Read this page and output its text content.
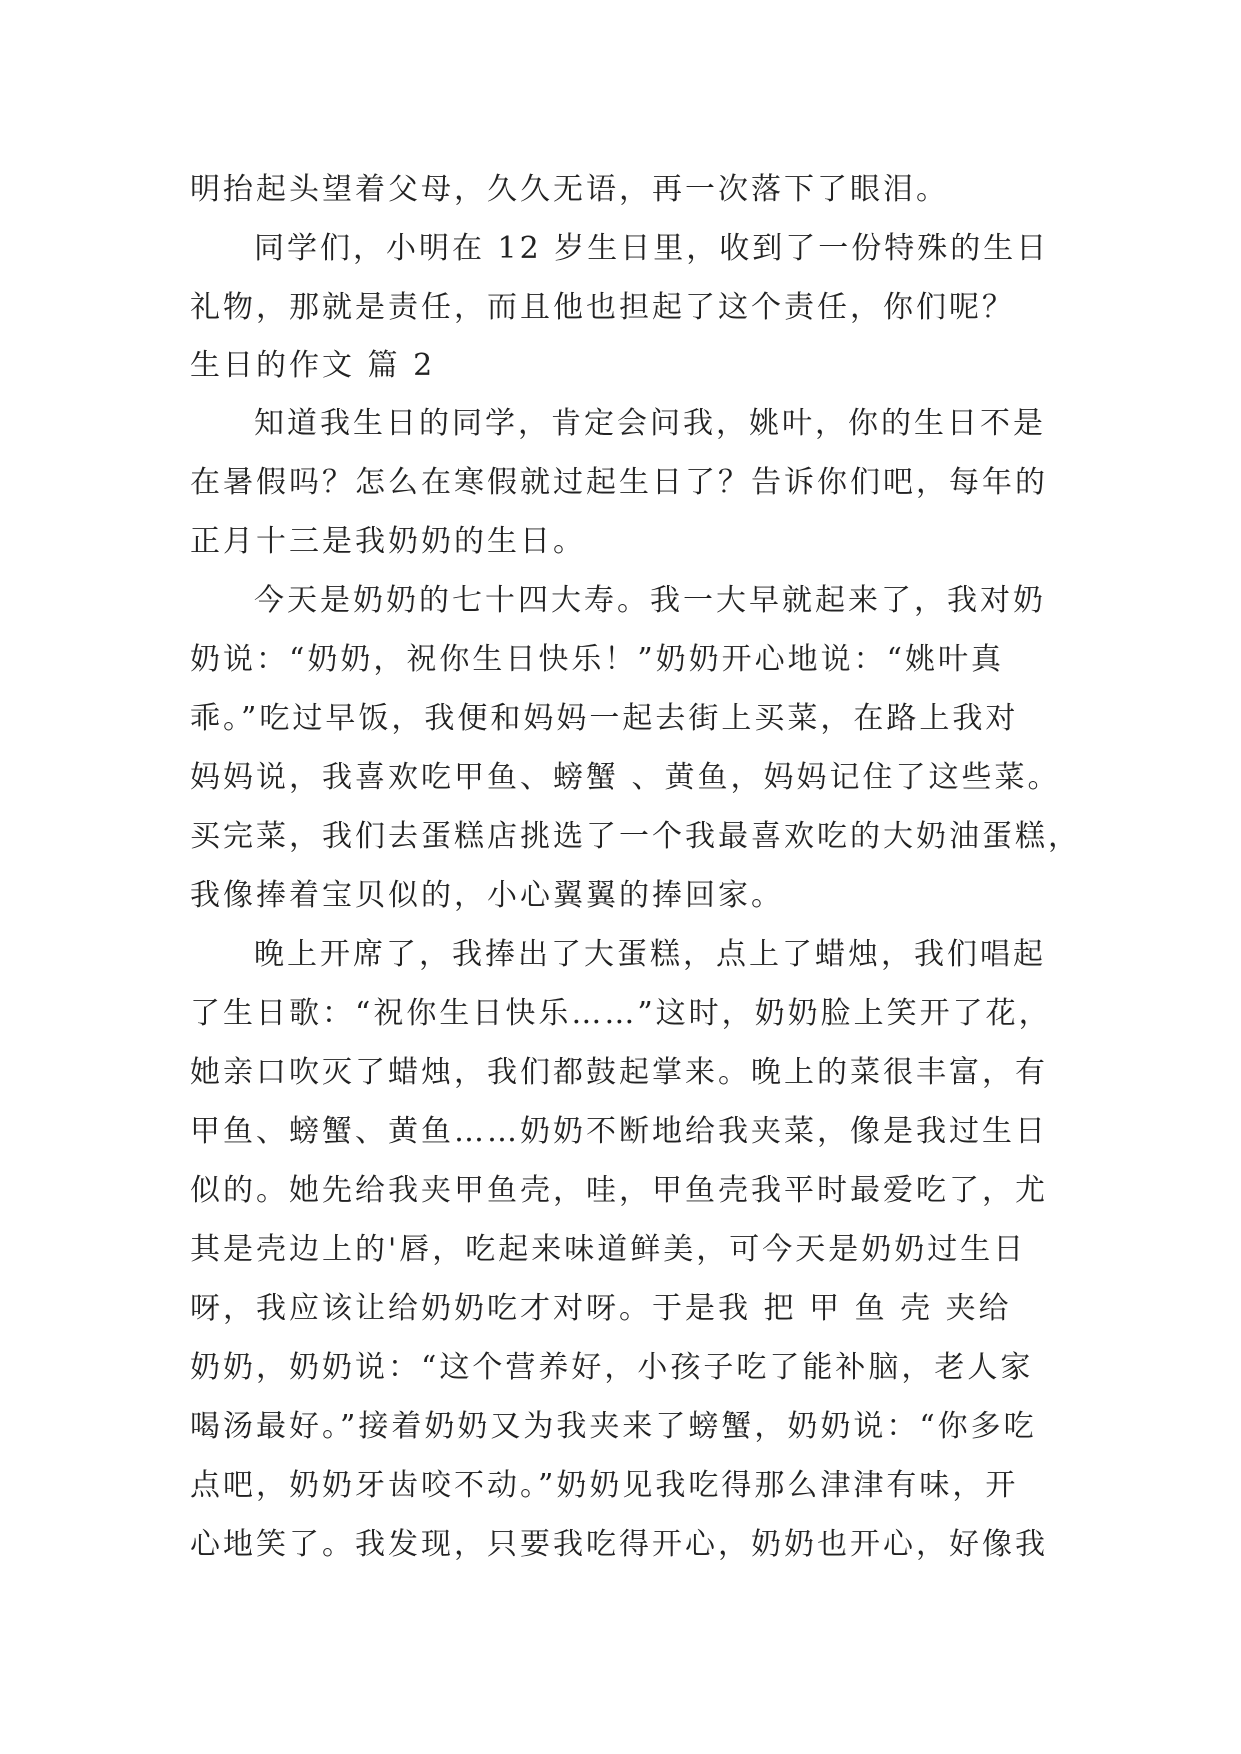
明抬起头望着父母，久久无语，再一次落下了眼泪。
同学们，小明在 12 岁生日里，收到了一份特殊的生日
礼物，那就是责任，而且他也担起了这个责任，你们呢？
生日的作文 篇 2
知道我生日的同学，肯定会问我，姚叶，你的生日不是
在暑假吗？怎么在寒假就过起生日了？告诉你们吧，每年的
正月十三是我奶奶的生日。
今天是奶奶的七十四大寿。我一大早就起来了，我对奶
奶说：“奶奶，祝你生日快乐！”奶奶开心地说：“姚叶真
乖。”吃过早饭，我便和妈妈一起去街上买菜，在路上我对
妈妈说，我喜欢吃甲鱼、螃蟹 、黄鱼，妈妈记住了这些菜。
买完菜，我们去蛋糕店挑选了一个我最喜欢吃的大奶油蛋糕，
我像捧着宝贝似的，小心翼翼的捧回家。
晚上开席了，我捧出了大蛋糕，点上了蜡烛，我们唱起
了生日歌：“祝你生日快乐……”这时，奶奶脸上笑开了花，
她亲口吹灭了蜡烛，我们都鼓起掌来。晚上的菜很丰富，有
甲鱼、螃蟹、黄鱼……奶奶不断地给我夹菜，像是我过生日
似的。她先给我夹甲鱼壳，哇，甲鱼壳我平时最爱吃了，尤
其是壳边上的'唇，吃起来味道鲜美，可今天是奶奶过生日
呀，我应该让给奶奶吃才对呀。于是我 把 甲 鱼 壳 夹给
奶奶，奶奶说：“这个营养好，小孩子吃了能补脑，老人家
喝汤最好。”接着奶奶又为我夹来了螃蟹，奶奶说：“你多吃
点吧，奶奶牙齿咬不动。”奶奶见我吃得那么津津有味，开
心地笑了。我发现，只要我吃得开心，奶奶也开心，好像我
